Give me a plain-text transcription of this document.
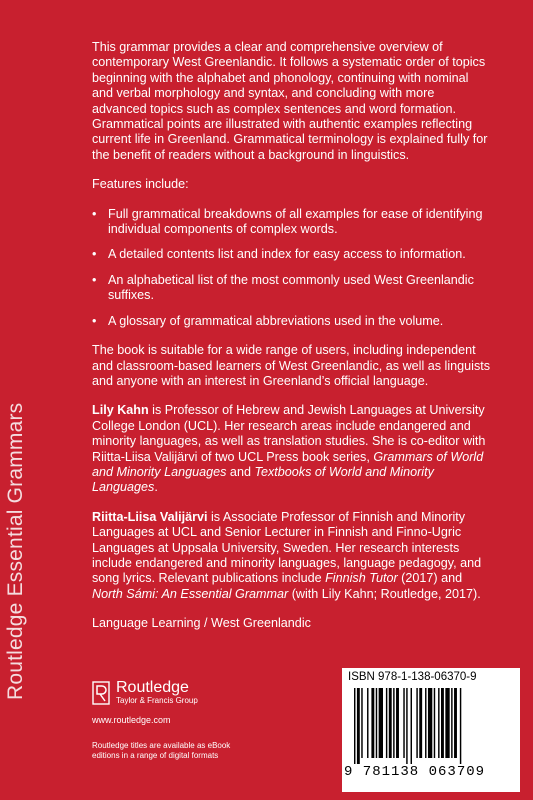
Routledge Essential Grammars

This grammar provides a clear and comprehensive overview of contemporary West Greenlandic. It follows a systematic order of topics beginning with the alphabet and phonology, continuing with nominal and verbal morphology and syntax, and concluding with more advanced topics such as complex sentences and word formation. Grammatical points are illustrated with authentic examples reflecting current life in Greenland. Grammatical terminology is explained fully for the benefit of readers without a background in linguistics.

Features include:

• Full grammatical breakdowns of all examples for ease of identifying individual components of complex words.
• A detailed contents list and index for easy access to information.
• An alphabetical list of the most commonly used West Greenlandic suffixes.
• A glossary of grammatical abbreviations used in the volume.

The book is suitable for a wide range of users, including independent and classroom-based learners of West Greenlandic, as well as linguists and anyone with an interest in Greenland’s official language.

Lily Kahn is Professor of Hebrew and Jewish Languages at University College London (UCL). Her research areas include endangered and minority languages, as well as translation studies. She is co-editor with Riitta-Liisa Valijärvi of two UCL Press book series, Grammars of World and Minority Languages and Textbooks of World and Minority Languages.

Riitta-Liisa Valijärvi is Associate Professor of Finnish and Minority Languages at UCL and Senior Lecturer in Finnish and Finno-Ugric Languages at Uppsala University, Sweden. Her research interests include endangered and minority languages, language pedagogy, and song lyrics. Relevant publications include Finnish Tutor (2017) and North Sámi: An Essential Grammar (with Lily Kahn; Routledge, 2017).

Language Learning / West Greenlandic

Routledge
Taylor & Francis Group
www.routledge.com
Routledge titles are available as eBook editions in a range of digital formats
ISBN 978-1-138-06370-9
9 781138 063709
an informa business
